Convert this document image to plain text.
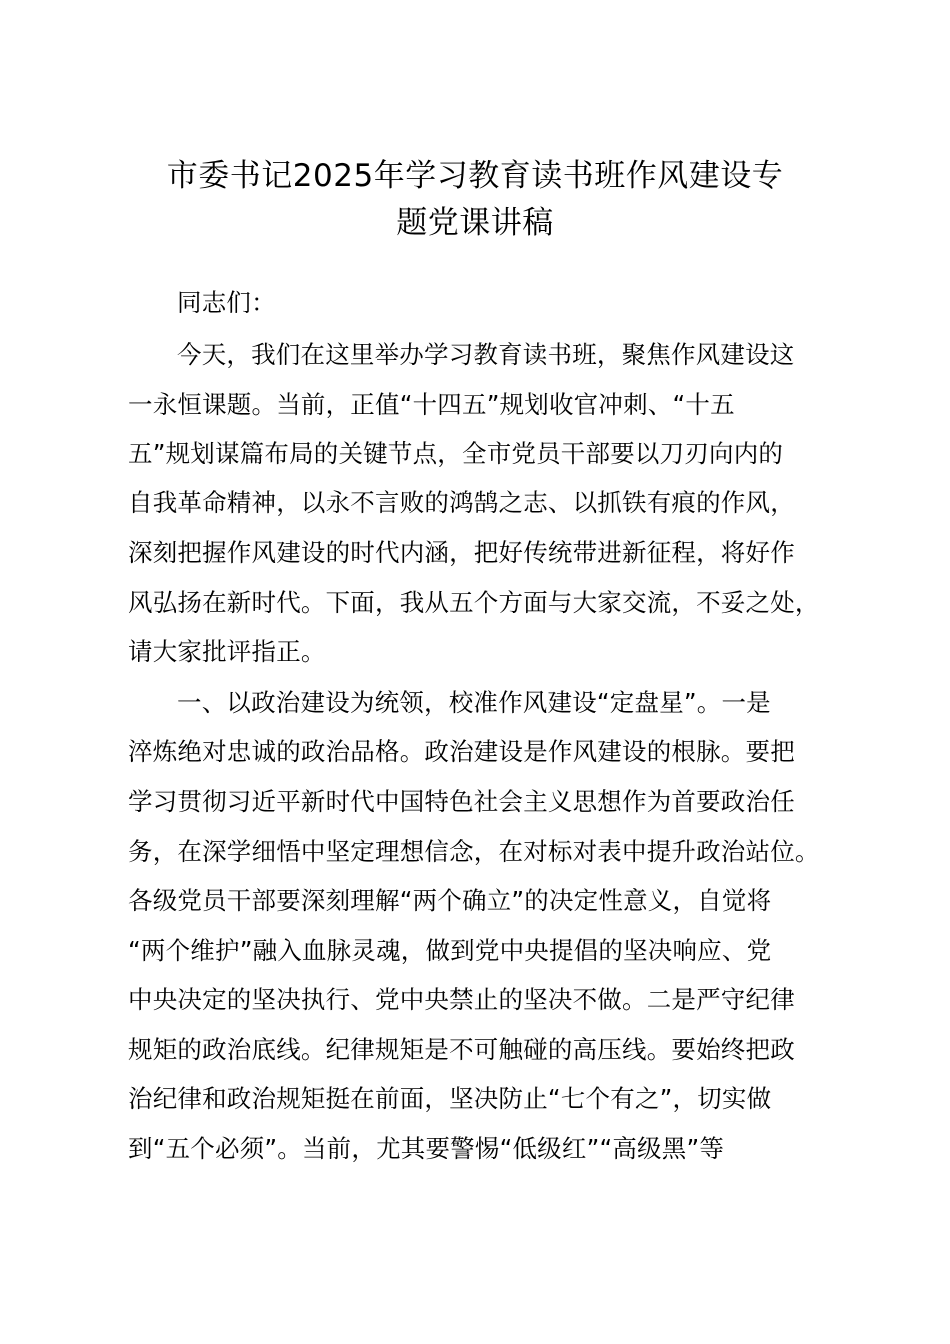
市委书记2025年学习教育读书班作风建设专
题党课讲稿
同志们：
今天，我们在这里举办学习教育读书班，聚焦作风建设这
一永恒课题。当前，正值“十四五”规划收官冲刺、“十五
五”规划谋篇布局的关键节点，全市党员干部要以刀刃向内的
自我革命精神，以永不言败的鸿鹄之志、以抓铁有痕的作风，
深刻把握作风建设的时代内涵，把好传统带进新征程，将好作
风弘扬在新时代。下面，我从五个方面与大家交流，不妥之处，
请大家批评指正。
一、以政治建设为统领，校准作风建设“定盘星”。一是
淬炼绝对忠诚的政治品格。政治建设是作风建设的根脉。要把
学习贯彻习近平新时代中国特色社会主义思想作为首要政治任
务，在深学细悟中坚定理想信念，在对标对表中提升政治站位。
各级党员干部要深刻理解“两个确立”的决定性意义，自觉将
“两个维护”融入血脉灵魂，做到党中央提倡的坚决响应、党
中央决定的坚决执行、党中央禁止的坚决不做。二是严守纪律
规矩的政治底线。纪律规矩是不可触碰的高压线。要始终把政
治纪律和政治规矩挺在前面，坚决防止“七个有之”，切实做
到“五个必须”。当前，尤其要警惕“低级红”“高级黑”等
